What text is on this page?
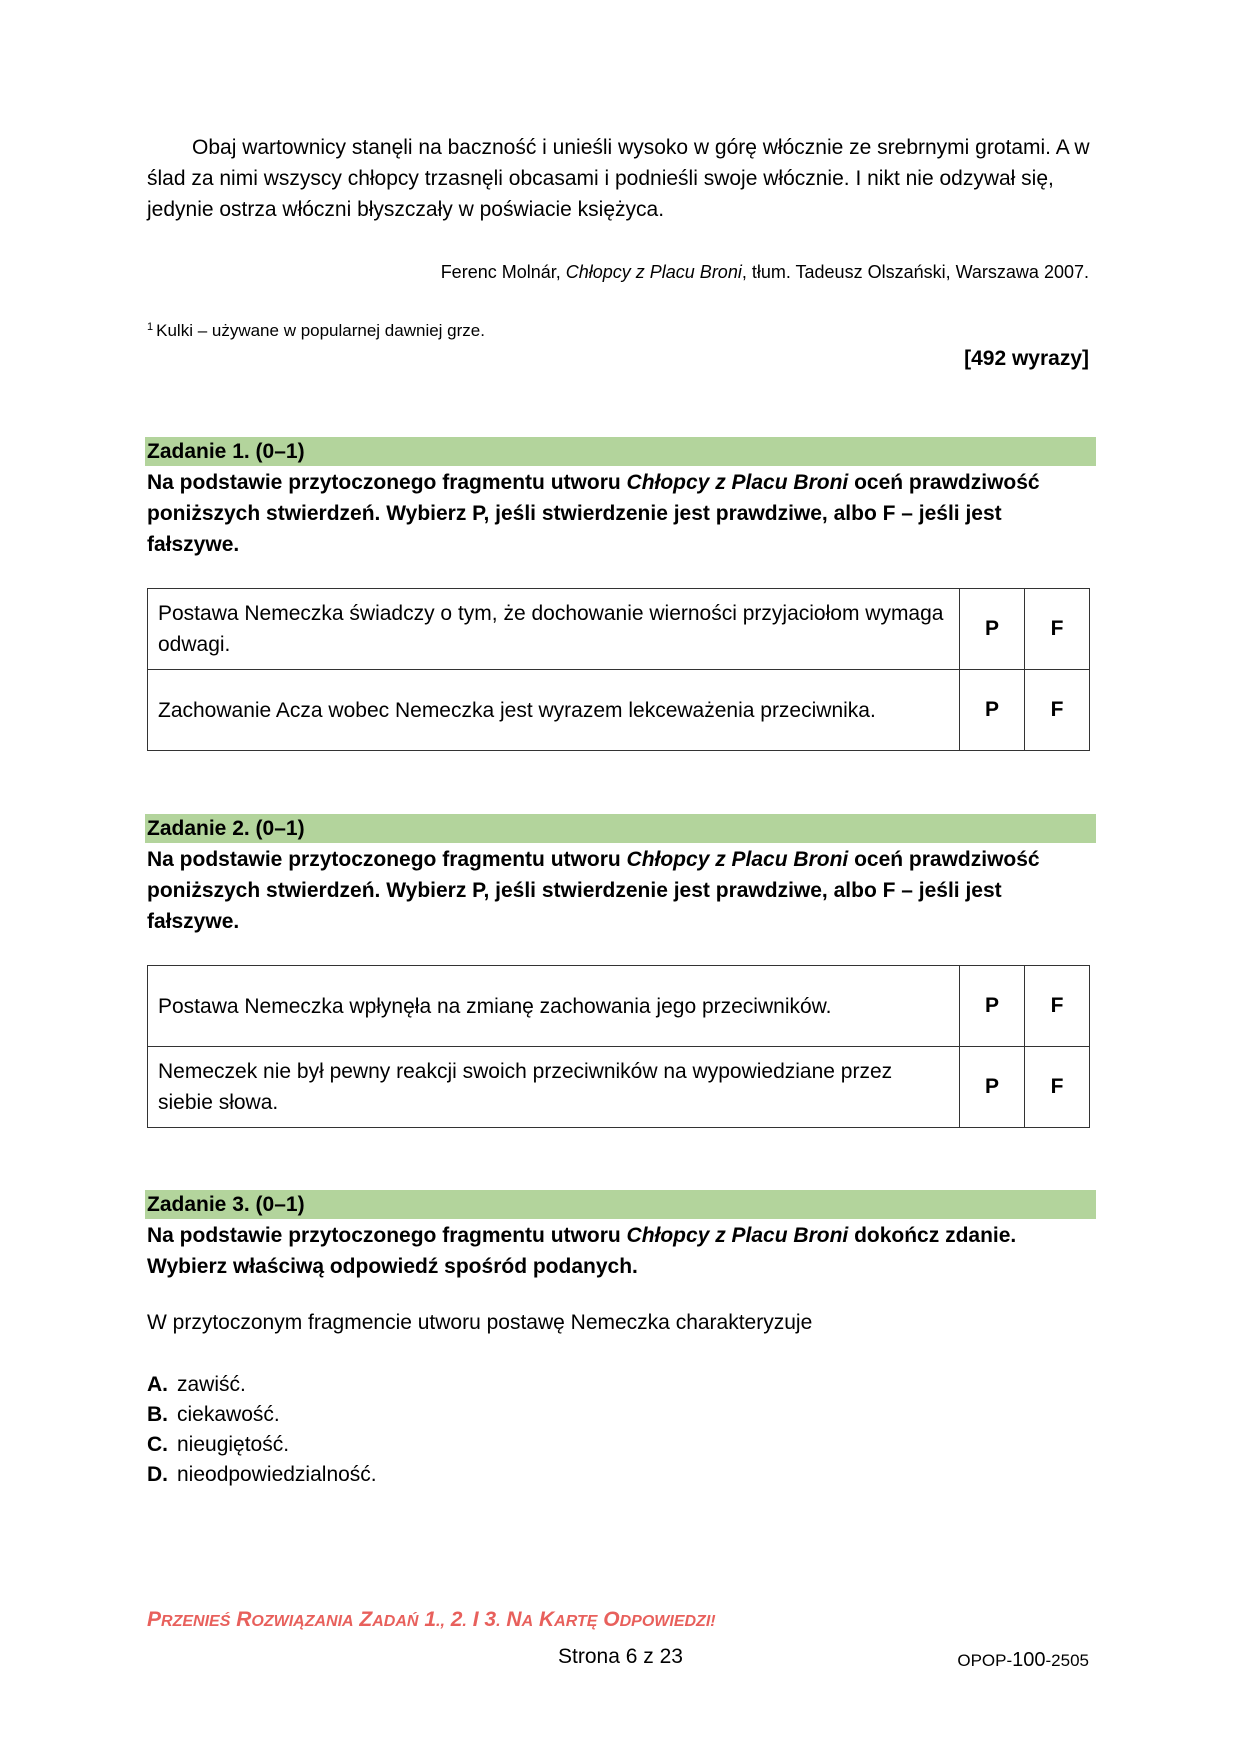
Obaj wartownicy stanęli na baczność i unieśli wysoko w górę włócznie ze srebrnymi grotami. A w ślad za nimi wszyscy chłopcy trzasnęli obcasami i podnieśli swoje włócznie. I nikt nie odzywał się, jedynie ostrza włóczni błyszczały w poświacie księżyca.
Ferenc Molnár, Chłopcy z Placu Broni, tłum. Tadeusz Olszański, Warszawa 2007.
$^1$ Kulki – używane w popularnej dawniej grze.
[492 wyrazy]
Zadanie 1. (0–1)
Na podstawie przytoczonego fragmentu utworu Chłopcy z Placu Broni oceń prawdziwość poniższych stwierdzeń. Wybierz P, jeśli stwierdzenie jest prawdziwe, albo F – jeśli jest fałszywe.
Postawa Nemeczka świadczy o tym, że dochowanie wierności przyjaciołom wymaga odwagi.	P	F
Zachowanie Acza wobec Nemeczka jest wyrazem lekceważenia przeciwnika.	P	F
Zadanie 2. (0–1)
Na podstawie przytoczonego fragmentu utworu Chłopcy z Placu Broni oceń prawdziwość poniższych stwierdzeń. Wybierz P, jeśli stwierdzenie jest prawdziwe, albo F – jeśli jest fałszywe.
Postawa Nemeczka wpłynęła na zmianę zachowania jego przeciwników.	P	F
Nemeczek nie był pewny reakcji swoich przeciwników na wypowiedziane przez siebie słowa.	P	F
Zadanie 3. (0–1)
Na podstawie przytoczonego fragmentu utworu Chłopcy z Placu Broni dokończ zdanie. Wybierz właściwą odpowiedź spośród podanych.
W przytoczonym fragmencie utworu postawę Nemeczka charakteryzuje
A. zawiść.
B. ciekawość.
C. nieugiętość.
D. nieodpowiedzialność.
PRZENIEŚ ROZWIĄZANIA ZADAŃ 1., 2. I 3. NA KARTĘ ODPOWIEDZI!
Strona 6 z 23	OPOP-100-2505
